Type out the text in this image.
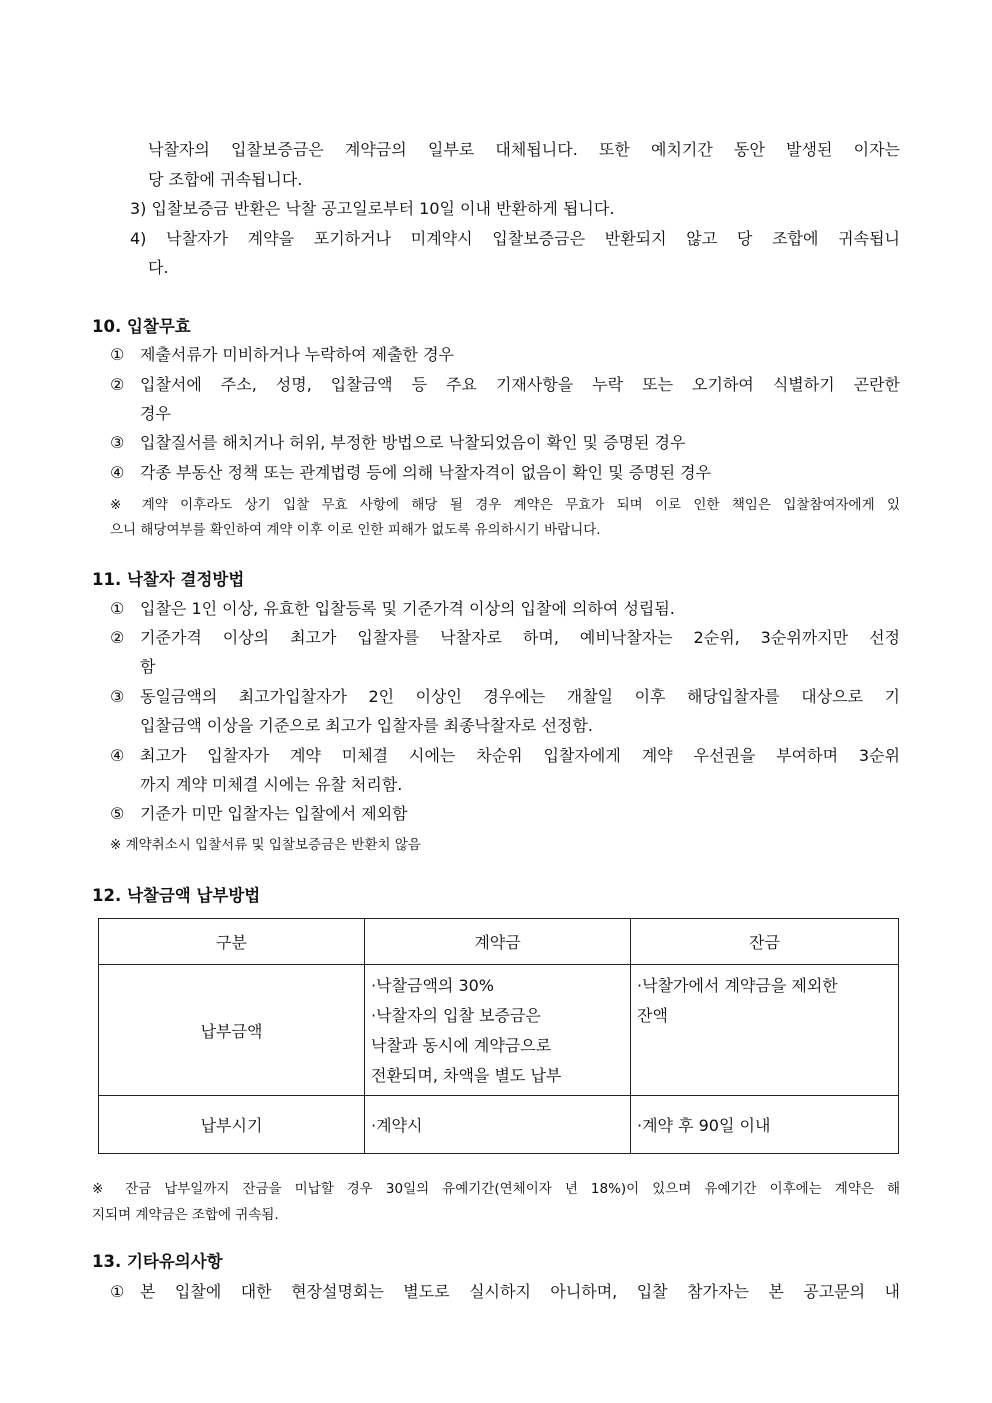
낙찰자의 입찰보증금은 계약금의 일부로 대체됩니다. 또한 예치기간 동안 발생된 이자는
당 조합에 귀속됩니다.
3) 입찰보증금 반환은 낙찰 공고일로부터 10일 이내 반환하게 됩니다.
4) 낙찰자가 계약을 포기하거나 미계약시 입찰보증금은 반환되지 않고 당 조합에 귀속됩니
다.
10. 입찰무효
① 제출서류가 미비하거나 누락하여 제출한 경우
② 입찰서에 주소, 성명, 입찰금액 등 주요 기재사항을 누락 또는 오기하여 식별하기 곤란한
경우
③ 입찰질서를 해치거나 허위, 부정한 방법으로 낙찰되었음이 확인 및 증명된 경우
④ 각종 부동산 정책 또는 관계법령 등에 의해 낙찰자격이 없음이 확인 및 증명된 경우
※ 계약 이후라도 상기 입찰 무효 사항에 해당 될 경우 계약은 무효가 되며 이로 인한 책임은 입찰참여자에게 있
으니 해당여부를 확인하여 계약 이후 이로 인한 피해가 없도록 유의하시기 바랍니다.
11. 낙찰자 결정방법
① 입찰은 1인 이상, 유효한 입찰등록 및 기준가격 이상의 입찰에 의하여 성립됨.
② 기준가격 이상의 최고가 입찰자를 낙찰자로 하며, 예비낙찰자는 2순위, 3순위까지만 선정
함
③ 동일금액의 최고가입찰자가 2인 이상인 경우에는 개찰일 이후 해당입찰자를 대상으로 기
입찰금액 이상을 기준으로 최고가 입찰자를 최종낙찰자로 선정함.
④ 최고가 입찰자가 계약 미체결 시에는 차순위 입찰자에게 계약 우선권을 부여하며 3순위
까지 계약 미체결 시에는 유찰 처리함.
⑤ 기준가 미만 입찰자는 입찰에서 제외함
※ 계약취소시 입찰서류 및 입찰보증금은 반환치 않음
12. 낙찰금액 납부방법
구분	계약금	잔금
납부금액	·낙찰금액의 30%
·낙찰자의 입찰 보증금은
낙찰과 동시에 계약금으로
전환되며, 차액을 별도 납부	·낙찰가에서 계약금을 제외한
잔액

납부시기	·계약시	·계약 후 90일 이내
※ 잔금 납부일까지 잔금을 미납할 경우 30일의 유예기간(연체이자 년 18%)이 있으며 유예기간 이후에는 계약은 해
지되며 계약금은 조합에 귀속됨.
13. 기타유의사항
① 본 입찰에 대한 현장설명회는 별도로 실시하지 아니하며, 입찰 참가자는 본 공고문의 내
